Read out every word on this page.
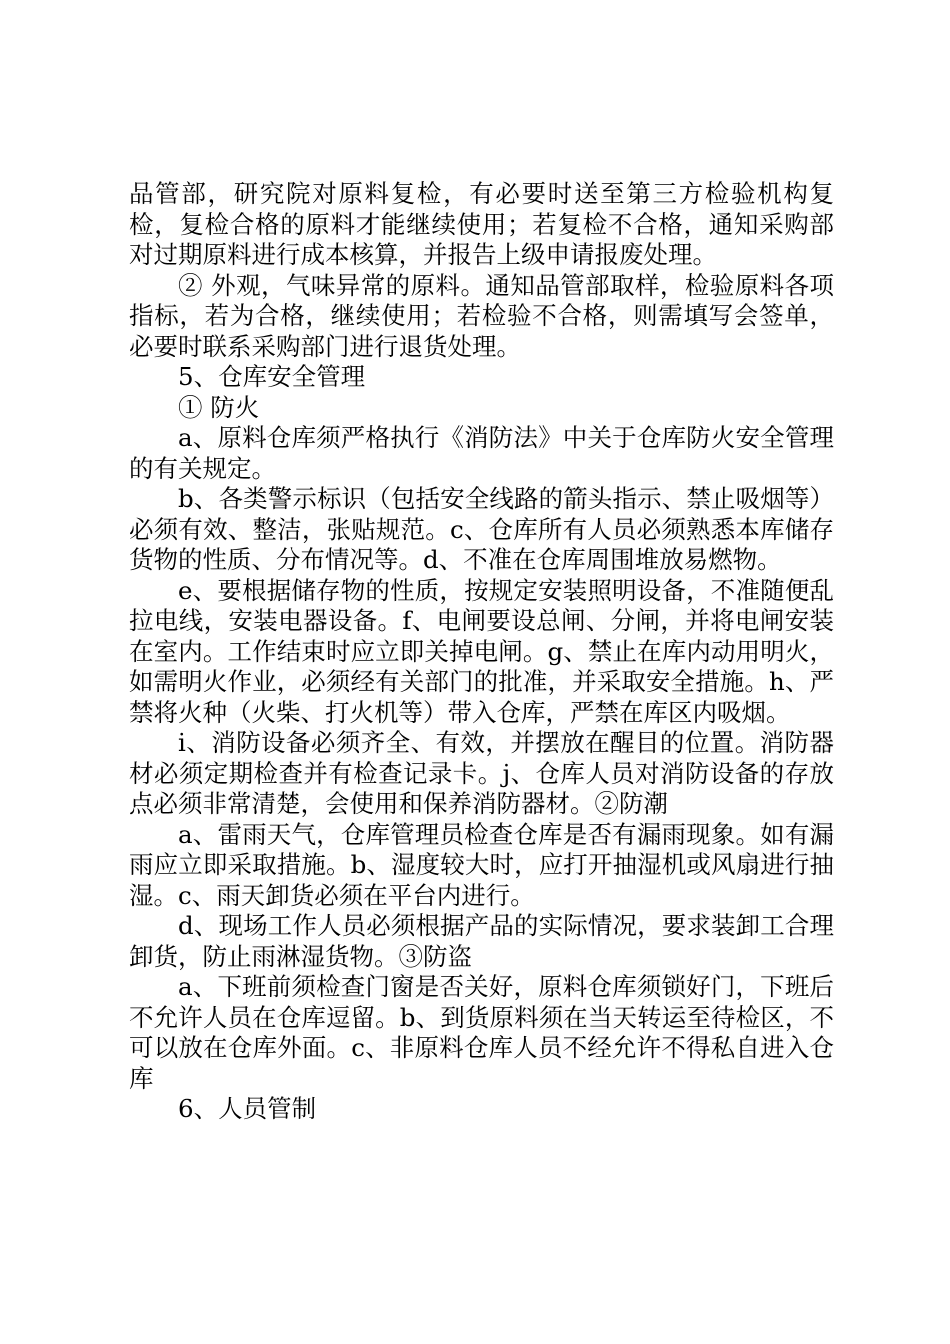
品管部，研究院对原料复检，有必要时送至第三方检验机构复检，复检合格的原料才能继续使用；若复检不合格，通知采购部对过期原料进行成本核算，并报告上级申请报废处理。

② 外观，气味异常的原料。通知品管部取样，检验原料各项指标，若为合格，继续使用；若检验不合格，则需填写会签单，必要时联系采购部门进行退货处理。

5、仓库安全管理

① 防火

a、原料仓库须严格执行《消防法》中关于仓库防火安全管理的有关规定。

b、各类警示标识（包括安全线路的箭头指示、禁止吸烟等）必须有效、整洁，张贴规范。c、仓库所有人员必须熟悉本库储存货物的性质、分布情况等。d、不准在仓库周围堆放易燃物。

e、要根据储存物的性质，按规定安装照明设备，不准随便乱拉电线，安装电器设备。f、电闸要设总闸、分闸，并将电闸安装在室内。工作结束时应立即关掉电闸。g、禁止在库内动用明火，如需明火作业，必须经有关部门的批准，并采取安全措施。h、严禁将火种（火柴、打火机等）带入仓库，严禁在库区内吸烟。

i、消防设备必须齐全、有效，并摆放在醒目的位置。消防器材必须定期检查并有检查记录卡。j、仓库人员对消防设备的存放点必须非常清楚，会使用和保养消防器材。②防潮

a、雷雨天气，仓库管理员检查仓库是否有漏雨现象。如有漏雨应立即采取措施。b、湿度较大时，应打开抽湿机或风扇进行抽湿。c、雨天卸货必须在平台内进行。

d、现场工作人员必须根据产品的实际情况，要求装卸工合理卸货，防止雨淋湿货物。③防盗

a、下班前须检查门窗是否关好，原料仓库须锁好门，下班后不允许人员在仓库逗留。b、到货原料须在当天转运至待检区，不可以放在仓库外面。c、非原料仓库人员不经允许不得私自进入仓库

6、人员管制
